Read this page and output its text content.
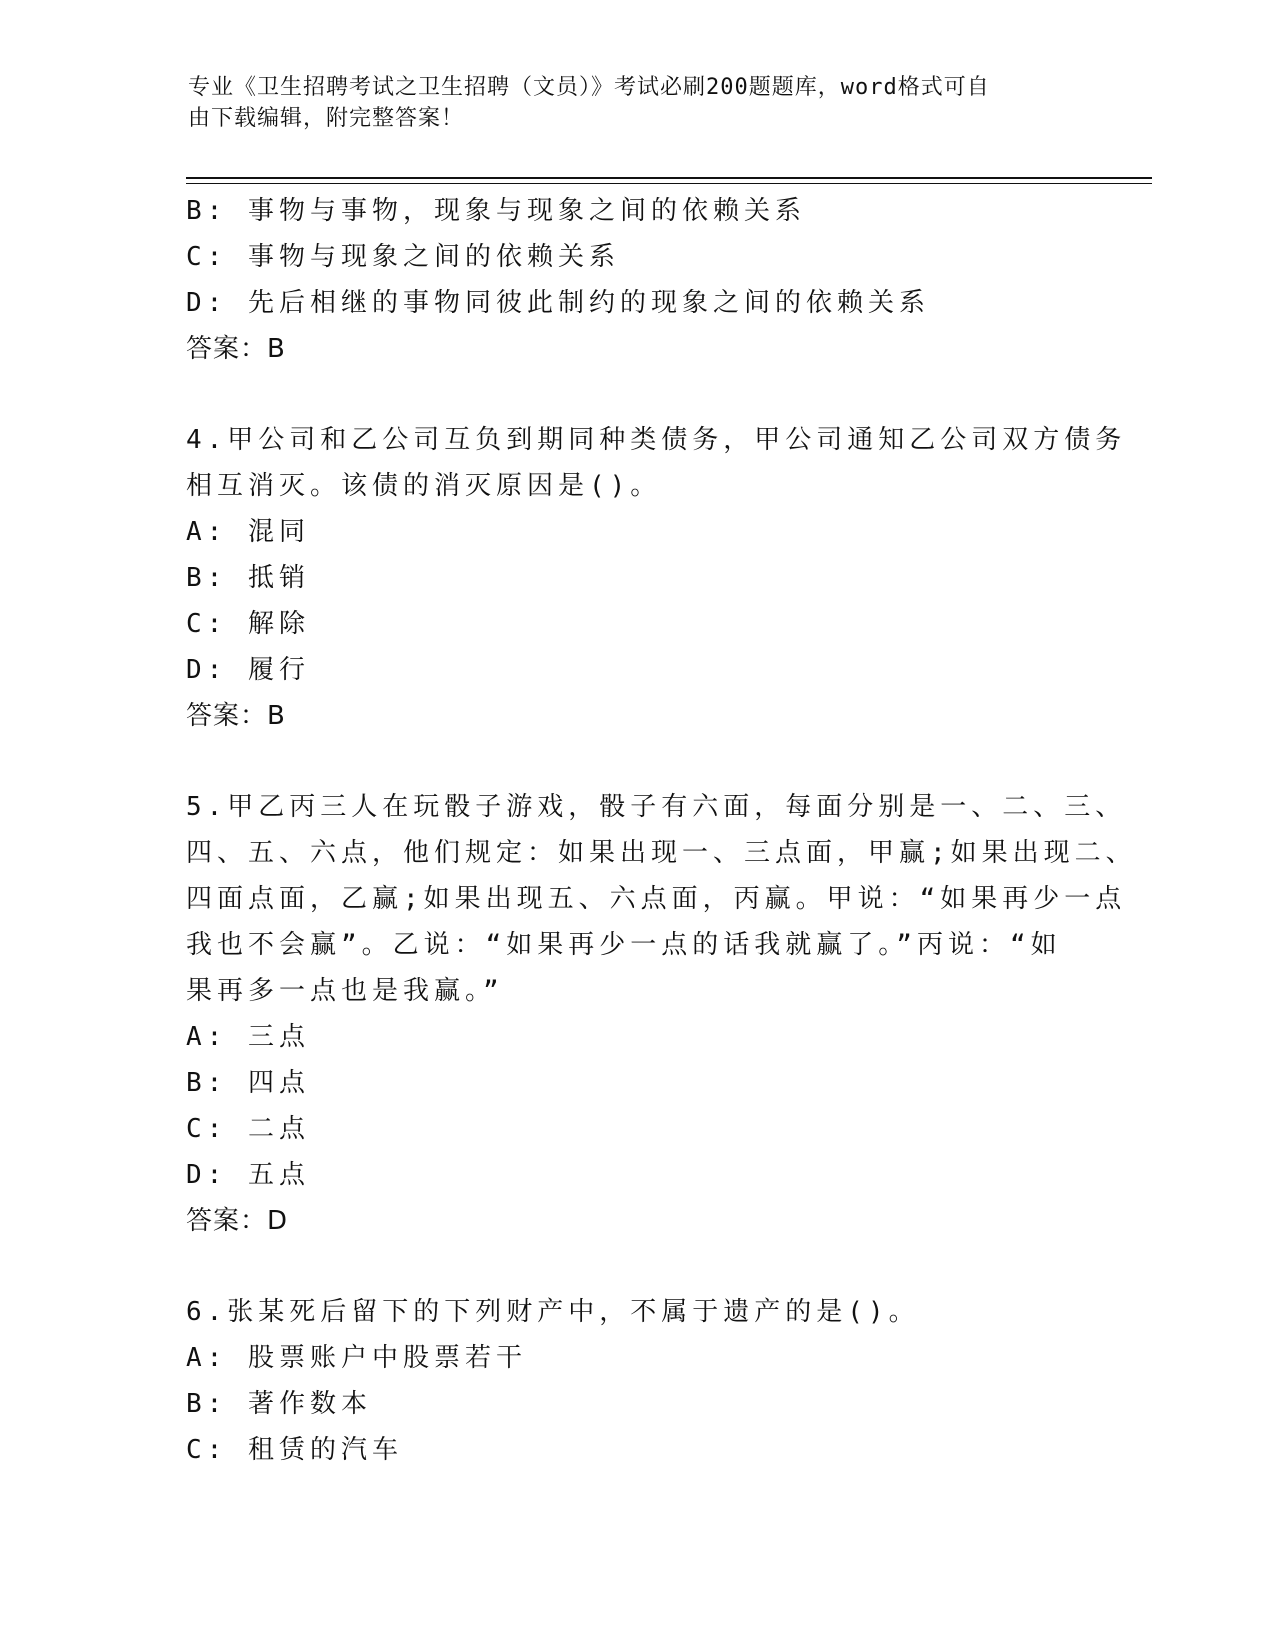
专业《卫生招聘考试之卫生招聘（文员）》考试必刷200题题库，word格式可自
由下载编辑，附完整答案！
B: 事物与事物，现象与现象之间的依赖关系
C: 事物与现象之间的依赖关系
D: 先后相继的事物同彼此制约的现象之间的依赖关系
答案：B
4.甲公司和乙公司互负到期同种类债务，甲公司通知乙公司双方债务
相互消灭。该债的消灭原因是()。
A: 混同
B: 抵销
C: 解除
D: 履行
答案：B
5.甲乙丙三人在玩骰子游戏，骰子有六面，每面分别是一、二、三、
四、五、六点，他们规定：如果出现一、三点面，甲赢;如果出现二、
四面点面，乙赢;如果出现五、六点面，丙赢。甲说：“如果再少一点
我也不会赢”。乙说：“如果再少一点的话我就赢了。”丙说：“如
果再多一点也是我赢。”
A: 三点
B: 四点
C: 二点
D: 五点
答案：D
6.张某死后留下的下列财产中，不属于遗产的是()。
A: 股票账户中股票若干
B: 著作数本
C: 租赁的汽车
